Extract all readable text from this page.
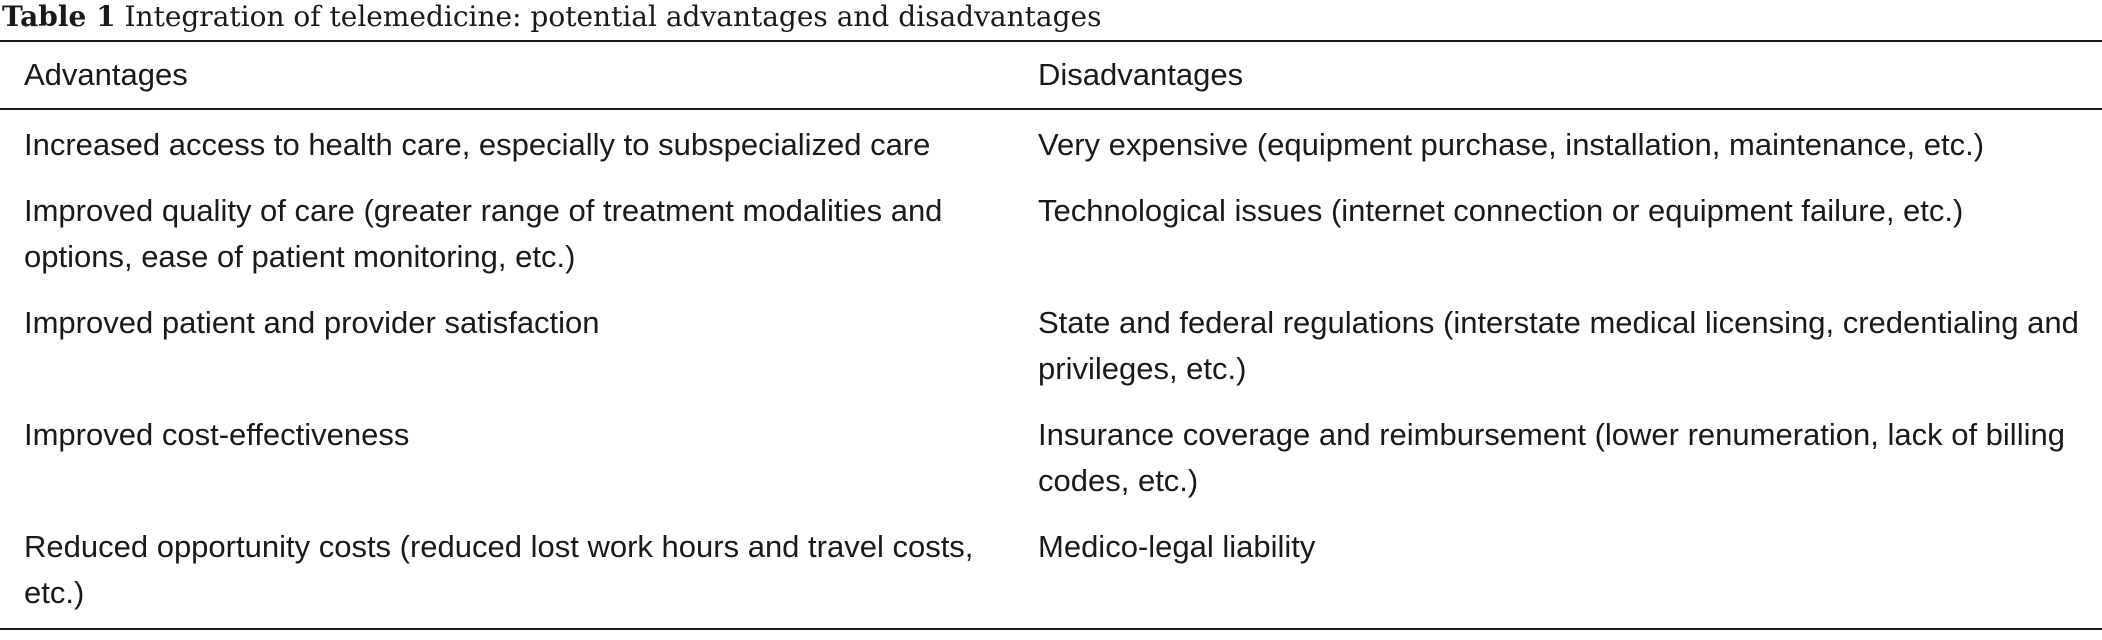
Table 1 Integration of telemedicine: potential advantages and disadvantages
Advantages	Disadvantages
Increased access to health care, especially to subspecialized care	Very expensive (equipment purchase, installation, maintenance, etc.)
Improved quality of care (greater range of treatment modalities and options, ease of patient monitoring, etc.)	Technological issues (internet connection or equipment failure, etc.)
Improved patient and provider satisfaction	State and federal regulations (interstate medical licensing, credentialing and privileges, etc.)
Improved cost-effectiveness	Insurance coverage and reimbursement (lower renumeration, lack of billing codes, etc.)
Reduced opportunity costs (reduced lost work hours and travel costs, etc.)	Medico-legal liability
